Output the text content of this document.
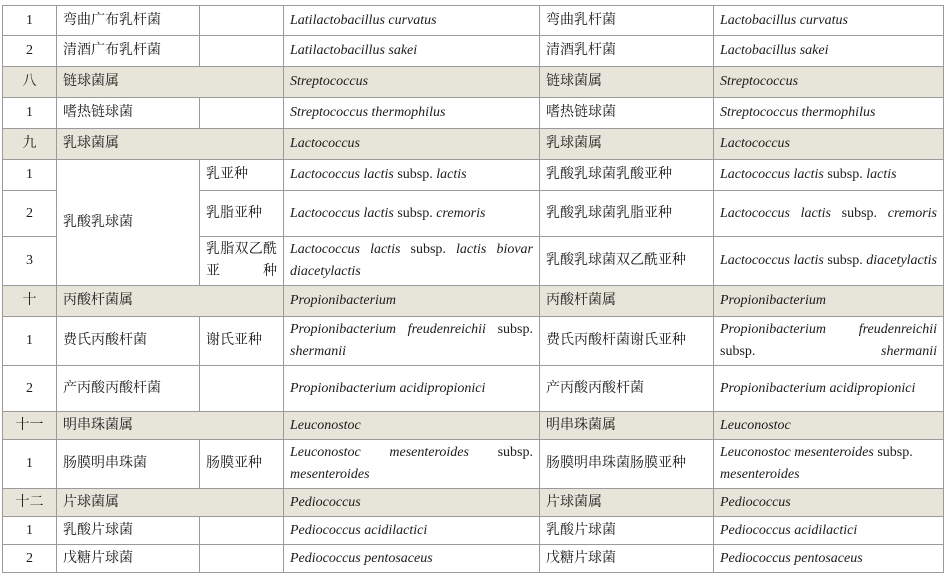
1	弯曲广布乳杆菌		Latilactobacillus curvatus	弯曲乳杆菌	Lactobacillus curvatus
2	清酒广布乳杆菌		Latilactobacillus sakei	清酒乳杆菌	Lactobacillus sakei
八	链球菌属		Streptococcus	链球菌属	Streptococcus
1	嗜热链球菌		Streptococcus thermophilus	嗜热链球菌	Streptococcus thermophilus
九	乳球菌属		Lactococcus	乳球菌属	Lactococcus
1	乳酸乳球菌	乳亚种	Lactococcus lactis subsp. lactis	乳酸乳球菌乳酸亚种	Lactococcus lactis subsp. lactis
2		乳脂亚种	Lactococcus lactis subsp. cremoris	乳酸乳球菌乳脂亚种	Lactococcus lactis subsp. cremoris
3		乳脂双乙酰亚种	Lactococcus lactis subsp. lactis biovar diacetylactis	乳酸乳球菌双乙酰亚种	Lactococcus lactis subsp. diacetylactis
十	丙酸杆菌属		Propionibacterium	丙酸杆菌属	Propionibacterium
1	费氏丙酸杆菌	谢氏亚种	Propionibacterium freudenreichii subsp. shermanii	费氏丙酸杆菌谢氏亚种	Propionibacterium freudenreichii subsp. shermanii
2	产丙酸丙酸杆菌		Propionibacterium acidipropionici	产丙酸丙酸杆菌	Propionibacterium acidipropionici
十一	明串珠菌属		Leuconostoc	明串珠菌属	Leuconostoc
1	肠膜明串珠菌	肠膜亚种	Leuconostoc mesenteroides subsp. mesenteroides	肠膜明串珠菌肠膜亚种	Leuconostoc mesenteroides subsp. mesenteroides
十二	片球菌属		Pediococcus	片球菌属	Pediococcus
1	乳酸片球菌		Pediococcus acidilactici	乳酸片球菌	Pediococcus acidilactici
2	戊糖片球菌		Pediococcus pentosaceus	戊糖片球菌	Pediococcus pentosaceus
